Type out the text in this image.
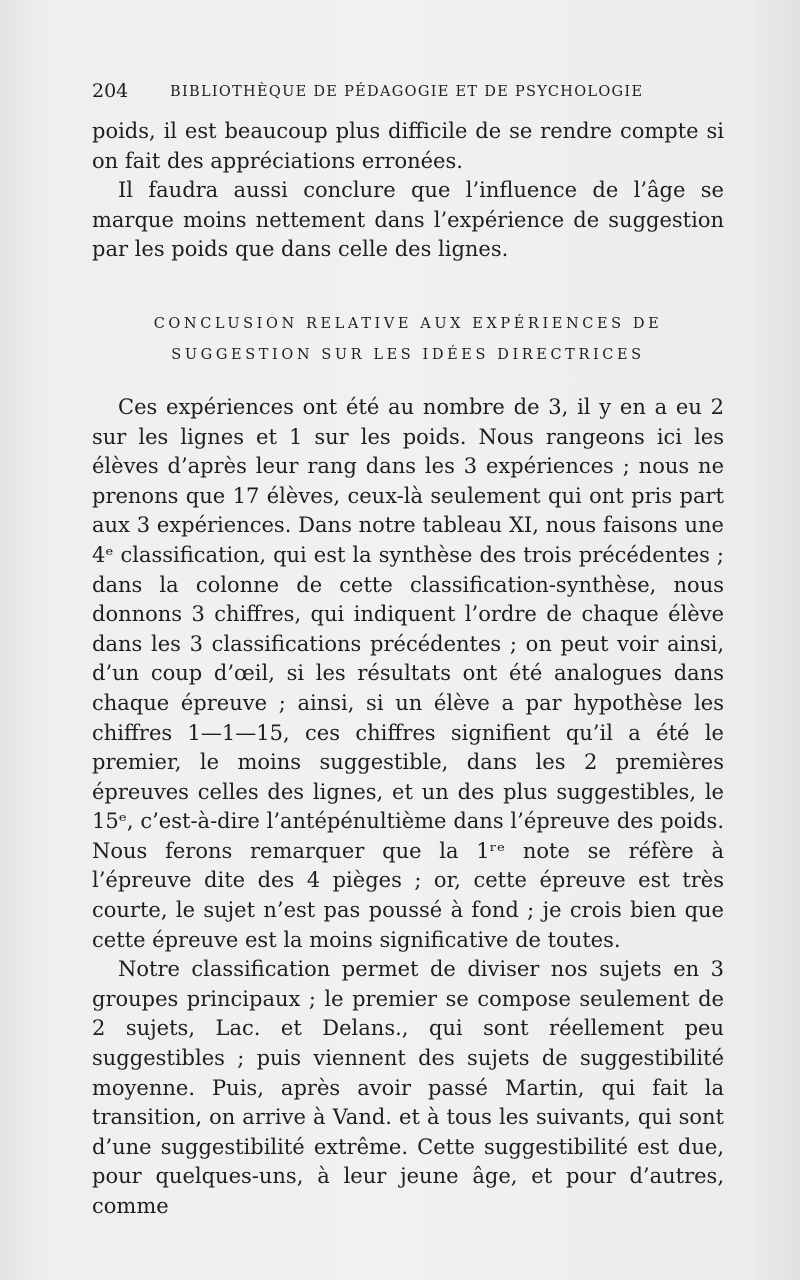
204	BIBLIOTHÈQUE DE PÉDAGOGIE ET DE PSYCHOLOGIE

poids, il est beaucoup plus difficile de se rendre compte si on fait des appréciations erronées.

Il faudra aussi conclure que l’influence de l’âge se marque moins nettement dans l’expérience de suggestion par les poids que dans celle des lignes.

CONCLUSION RELATIVE AUX EXPÉRIENCES DE
SUGGESTION SUR LES IDÉES DIRECTRICES

Ces expériences ont été au nombre de 3, il y en a eu 2 sur les lignes et 1 sur les poids. Nous rangeons ici les élèves d’après leur rang dans les 3 expériences ; nous ne prenons que 17 élèves, ceux-là seulement qui ont pris part aux 3 expériences. Dans notre tableau XI, nous faisons une 4ᵉ classification, qui est la synthèse des trois précédentes ; dans la colonne de cette classification-synthèse, nous donnons 3 chiffres, qui indiquent l’ordre de chaque élève dans les 3 classifications précédentes ; on peut voir ainsi, d’un coup d’œil, si les résultats ont été analogues dans chaque épreuve ; ainsi, si un élève a par hypothèse les chiffres 1—1—15, ces chiffres signifient qu’il a été le premier, le moins suggestible, dans les 2 premières épreuves celles des lignes, et un des plus suggestibles, le 15ᵉ, c’est-à-dire l’antépénultième dans l’épreuve des poids. Nous ferons remarquer que la 1ʳᵉ note se réfère à l’épreuve dite des 4 pièges ; or, cette épreuve est très courte, le sujet n’est pas poussé à fond ; je crois bien que cette épreuve est la moins significative de toutes.

Notre classification permet de diviser nos sujets en 3 groupes principaux ; le premier se compose seulement de 2 sujets, Lac. et Delans., qui sont réellement peu suggestibles ; puis viennent des sujets de suggestibilité moyenne. Puis, après avoir passé Martin, qui fait la transition, on arrive à Vand. et à tous les suivants, qui sont d’une suggestibilité extrême. Cette suggestibilité est due, pour quelques-uns, à leur jeune âge, et pour d’autres, comme
